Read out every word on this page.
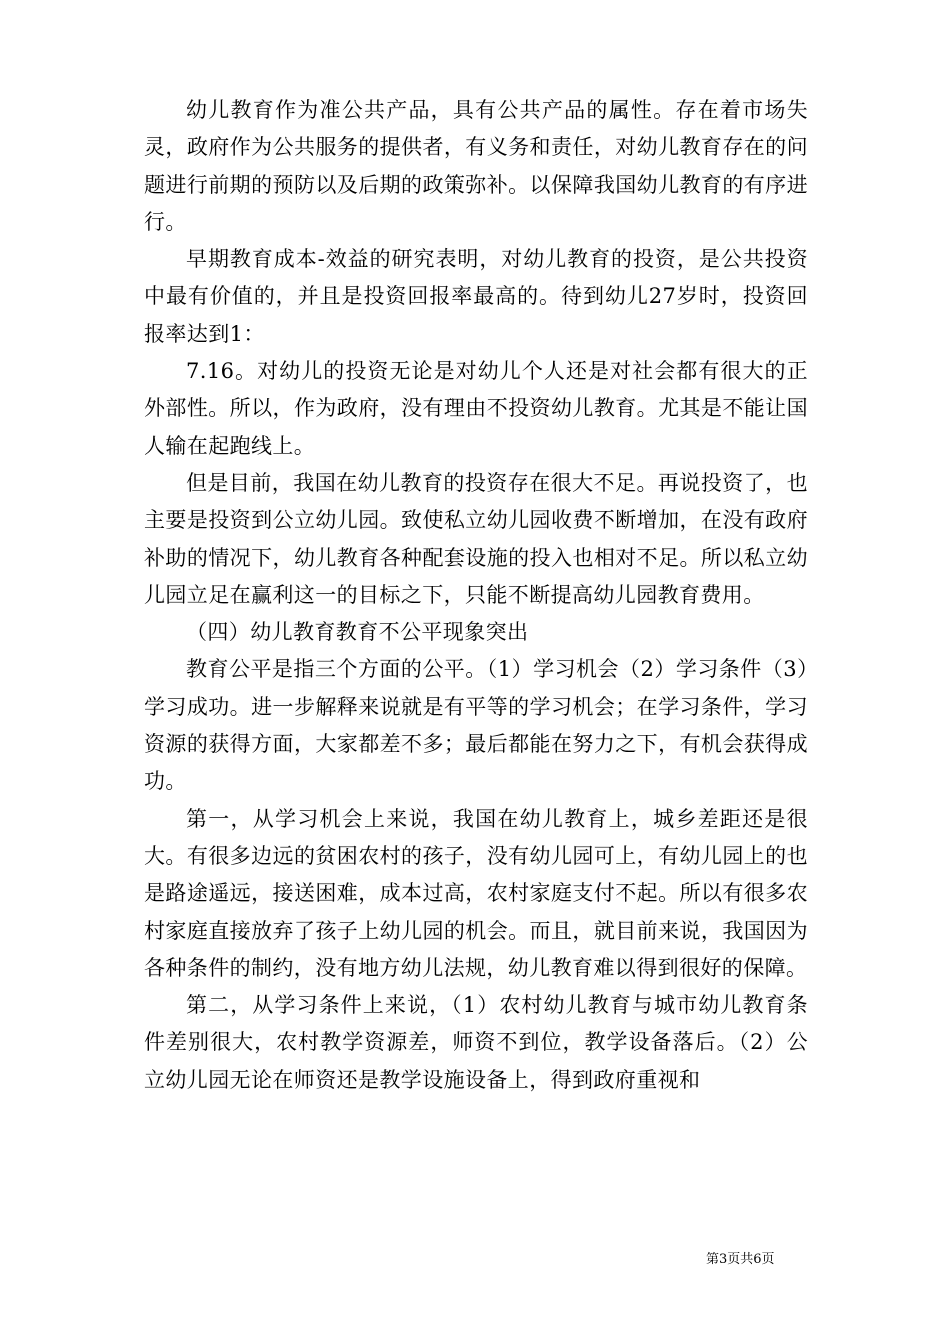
幼儿教育作为准公共产品，具有公共产品的属性。存在着市场失灵，政府作为公共服务的提供者，有义务和责任，对幼儿教育存在的问题进行前期的预防以及后期的政策弥补。以保障我国幼儿教育的有序进行。

早期教育成本-效益的研究表明，对幼儿教育的投资，是公共投资中最有价值的，并且是投资回报率最高的。待到幼儿27岁时，投资回报率达到1：

7.16。对幼儿的投资无论是对幼儿个人还是对社会都有很大的正外部性。所以，作为政府，没有理由不投资幼儿教育。尤其是不能让国人输在起跑线上。

但是目前，我国在幼儿教育的投资存在很大不足。再说投资了，也主要是投资到公立幼儿园。致使私立幼儿园收费不断增加，在没有政府补助的情况下，幼儿教育各种配套设施的投入也相对不足。所以私立幼儿园立足在赢利这一的目标之下，只能不断提高幼儿园教育费用。

（四）幼儿教育教育不公平现象突出

教育公平是指三个方面的公平。（1）学习机会（2）学习条件（3）学习成功。进一步解释来说就是有平等的学习机会；在学习条件，学习资源的获得方面，大家都差不多；最后都能在努力之下，有机会获得成功。

第一，从学习机会上来说，我国在幼儿教育上，城乡差距还是很大。有很多边远的贫困农村的孩子，没有幼儿园可上，有幼儿园上的也是路途遥远，接送困难，成本过高，农村家庭支付不起。所以有很多农村家庭直接放弃了孩子上幼儿园的机会。而且，就目前来说，我国因为各种条件的制约，没有地方幼儿法规，幼儿教育难以得到很好的保障。

第二，从学习条件上来说，（1）农村幼儿教育与城市幼儿教育条件差别很大，农村教学资源差，师资不到位，教学设备落后。（2）公立幼儿园无论在师资还是教学设施设备上，得到政府重视和

第3页共6页
